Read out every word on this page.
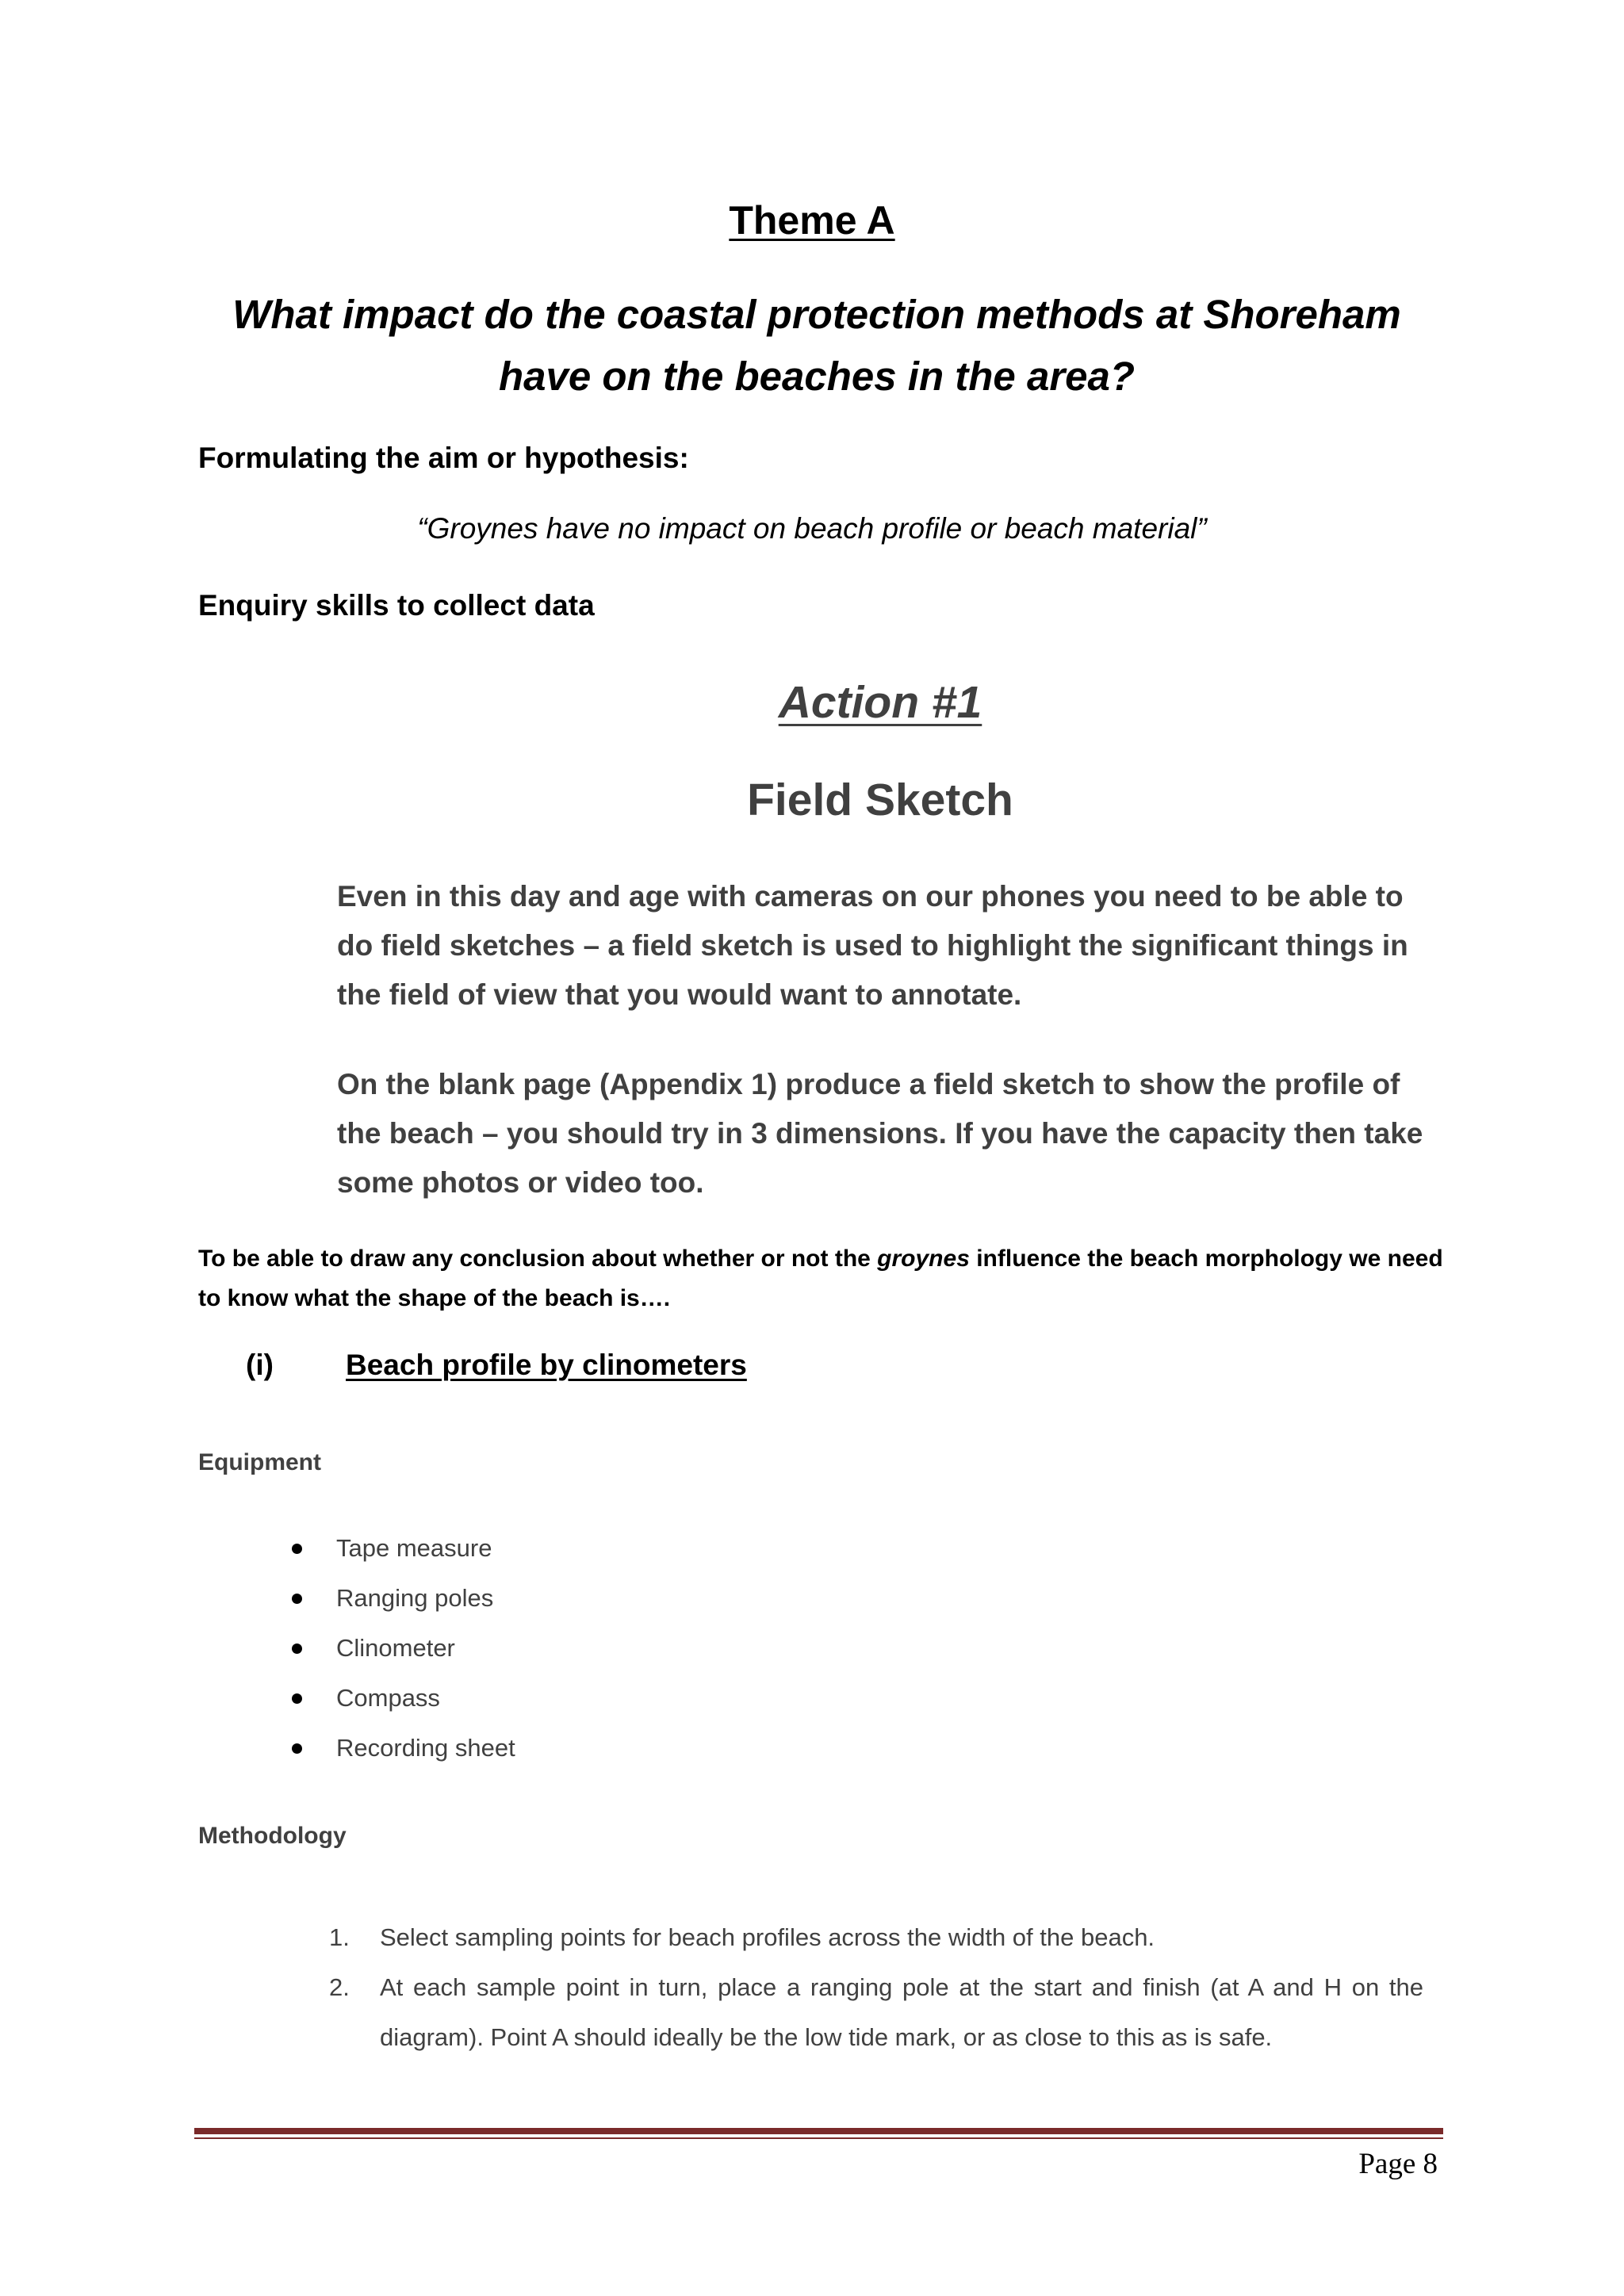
Theme A
What impact do the coastal protection methods at Shoreham have on the beaches in the area?
Formulating the aim or hypothesis:
“Groynes have no impact on beach profile or beach material”
Enquiry skills to collect data
Action #1
Field Sketch
Even in this day and age with cameras on our phones you need to be able to do field sketches – a field sketch is used to highlight the significant things in the field of view that you would want to annotate.
On the blank page (Appendix 1) produce a field sketch to show the profile of the beach – you should try in 3 dimensions. If you have the capacity then take some photos or video too.
To be able to draw any conclusion about whether or not the groynes influence the beach morphology we need to know what the shape of the beach is….
(i) Beach profile by clinometers
Equipment
Tape measure
Ranging poles
Clinometer
Compass
Recording sheet
Methodology
1. Select sampling points for beach profiles across the width of the beach.
2. At each sample point in turn, place a ranging pole at the start and finish (at A and H on the diagram). Point A should ideally be the low tide mark, or as close to this as is safe.
Page 8
